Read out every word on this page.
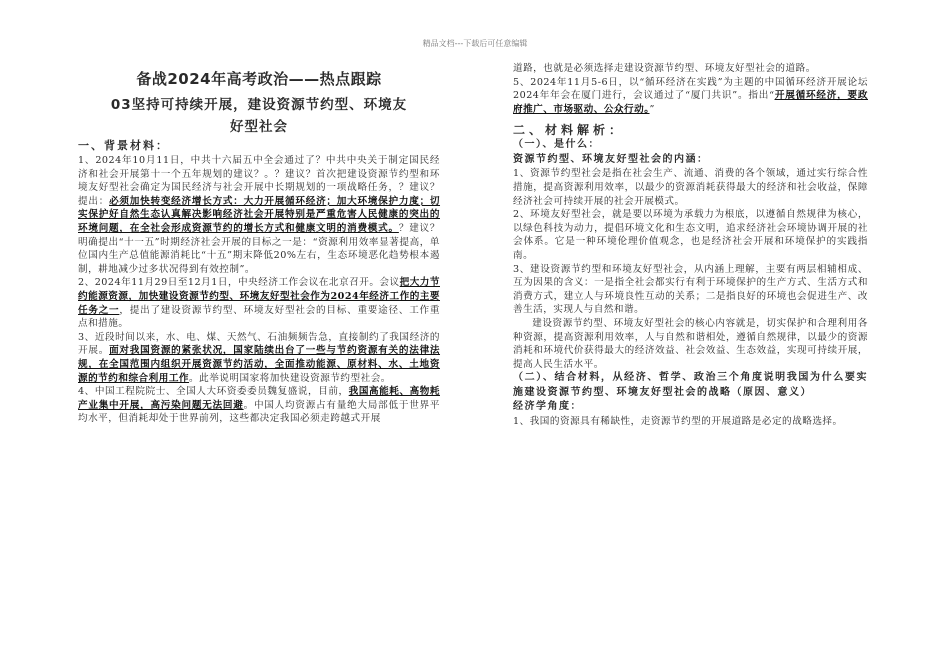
精品文档---下载后可任意编辑
备战2024年高考政治——热点跟踪
03坚持可持续开展，建设资源节约型、环境友
好型社会
一、背景材料：

1、2024年10月11日，中共十六届五中全会通过了？中共中央关于制定国民经济和社会开展第十一个五年规划的建议？。？建议？首次把建设资源节约型和环境友好型社会确定为国民经济与社会开展中长期规划的一项战略任务，？建议？提出：必须加快转变经济增长方式：大力开展循环经济；加大环境保护力度；切实保护好自然生态认真解决影响经济社会开展特别是严重危害人民健康的突出的环境问题，在全社会形成资源节约的增长方式和健康文明的消费模式。？建议？明确提出“十一五”时期经济社会开展的目标之一是：“资源利用效率显著提高，单位国内生产总值能源消耗比“十五”期末降低20%左右，生态环境恶化趋势根本遏制，耕地减少过多状况得到有效控制”。

2、2024年11月29日至12月1日，中央经济工作会议在北京召开。会议把大力节约能源资源，加快建设资源节约型、环境友好型社会作为2024年经济工作的主要任务之一，提出了建设资源节约型、环境友好型社会的目标、重要途径、工作重点和措施。

3、近段时间以来，水、电、煤、天然气、石油频频告急，直接制约了我国经济的开展。面对我国资源的紧张状况，国家陆续出台了一些与节约资源有关的法律法规，在全国范围内组织开展资源节约活动，全面推动能源、原材料、水、土地资源的节约和综合利用工作。此举说明国家将加快建设资源节约型社会。

4、中国工程院院士、全国人大环资委委员魏复盛说，目前，我国高能耗、高物耗产业集中开展，高污染问题无法回避。中国人均资源占有量绝大局部低于世界平均水平，但消耗却处于世界前列，这些都决定我国必须走跨越式开展

道路，也就是必须选择走建设资源节约型、环境友好型社会的道路。

5、2024年11月5-6日，以“循环经济在实践”为主题的中国循环经济开展论坛2024年年会在厦门进行，会议通过了“厦门共识”。指出“开展循环经济，要政府推广、市场驱动、公众行动。”

二、材料解析：
（一）、是什么：
资源节约型、环境友好型社会的内涵：

1、资源节约型社会是指在社会生产、流通、消费的各个领域，通过实行综合性措施，提高资源利用效率，以最少的资源消耗获得最大的经济和社会收益，保障经济社会可持续开展的社会开展模式。

2、环境友好型社会，就是要以环境为承载力为根底，以遵循自然规律为核心，以绿色科技为动力，提倡环境文化和生态文明，追求经济社会环境协调开展的社会体系。它是一种环境伦理价值观念，也是经济社会开展和环境保护的实践指南。

3、建设资源节约型和环境友好型社会，从内涵上理解，主要有两层相辅相成、互为因果的含义：一是指全社会都实行有利于环境保护的生产方式、生活方式和消费方式，建立人与环境良性互动的关系；二是指良好的环境也会促进生产、改善生活，实现人与自然和谐。

建设资源节约型、环境友好型社会的核心内容就是，切实保护和合理利用各种资源，提高资源利用效率，人与自然和谐相处，遵循自然规律，以最少的资源消耗和环境代价获得最大的经济效益、社会效益、生态效益，实现可持续开展，提高人民生活水平。

（二）、结合材料，从经济、哲学、政治三个角度说明我国为什么要实施建设资源节约型、环境友好型社会的战略（原因、意义）
经济学角度：

1、我国的资源具有稀缺性，走资源节约型的开展道路是必定的战略选择。
